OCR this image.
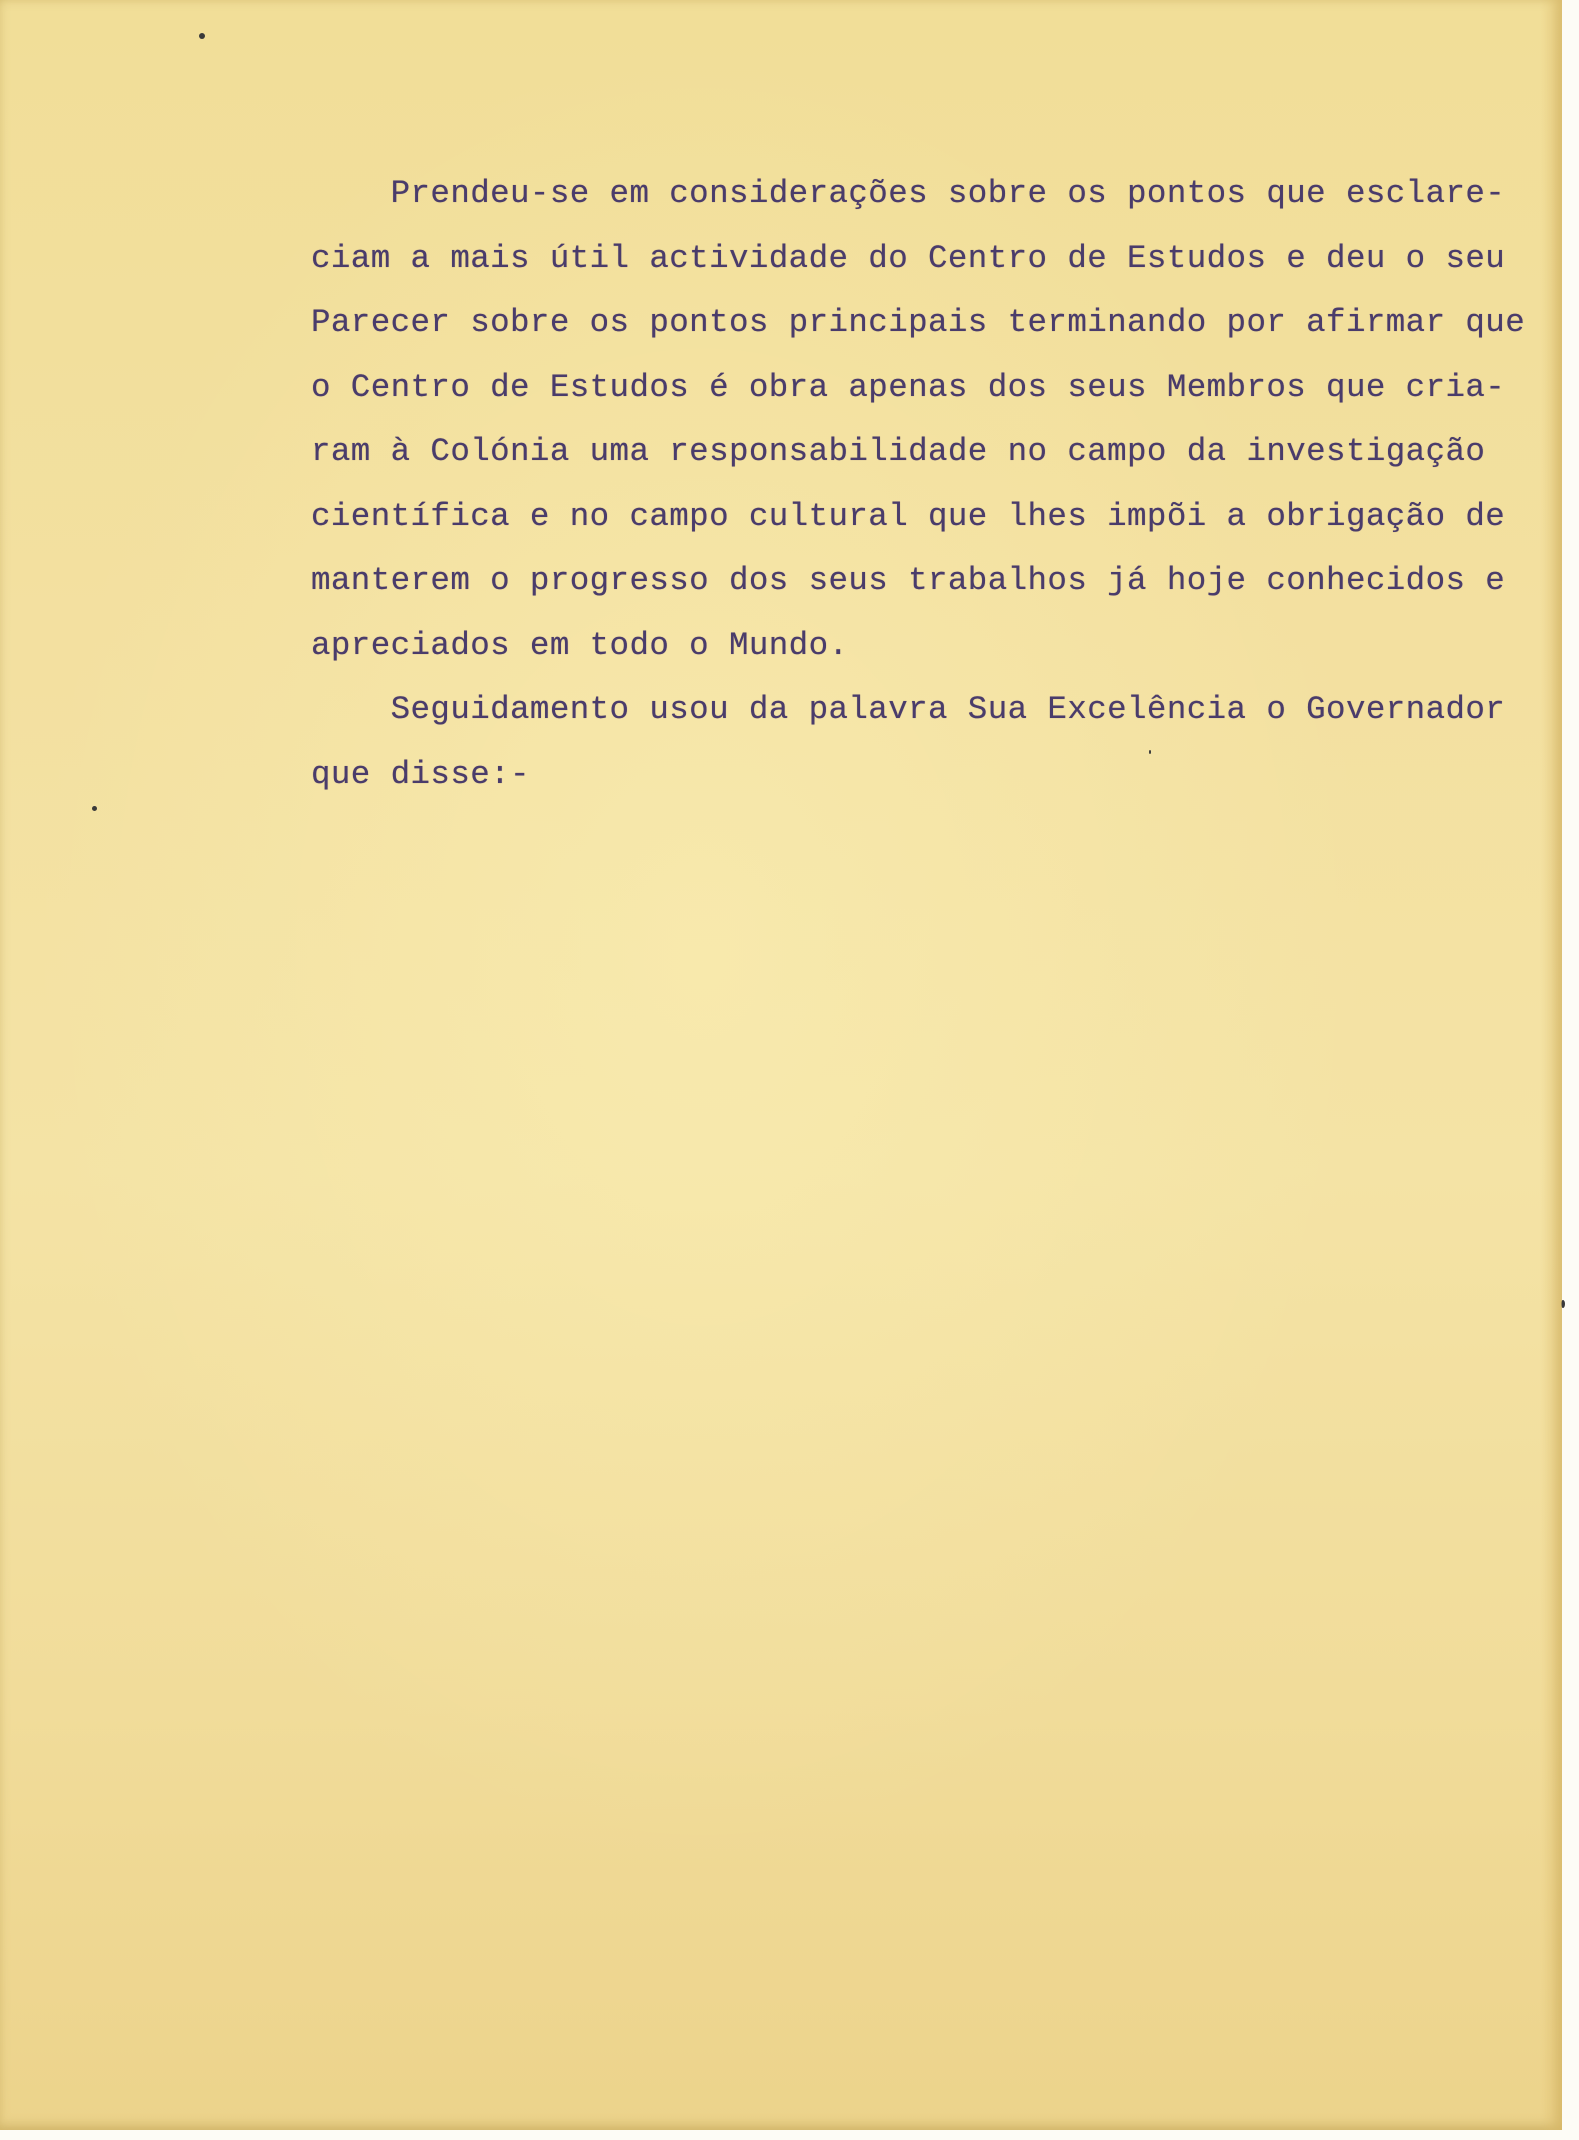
Prendeu-se em considerações sobre os pontos que esclare-

ciam a mais útil actividade do Centro de Estudos e deu o seu

Parecer sobre os pontos principais terminando por afirmar que

o Centro de Estudos é obra apenas dos seus Membros que cria-

ram à Colónia uma responsabilidade no campo da investigação

científica e no campo cultural que lhes impõi a obrigação de

manterem o progresso dos seus trabalhos já hoje conhecidos e

apreciados em todo o Mundo.

Seguidamento usou da palavra Sua Excelência o Governador

que disse:-
